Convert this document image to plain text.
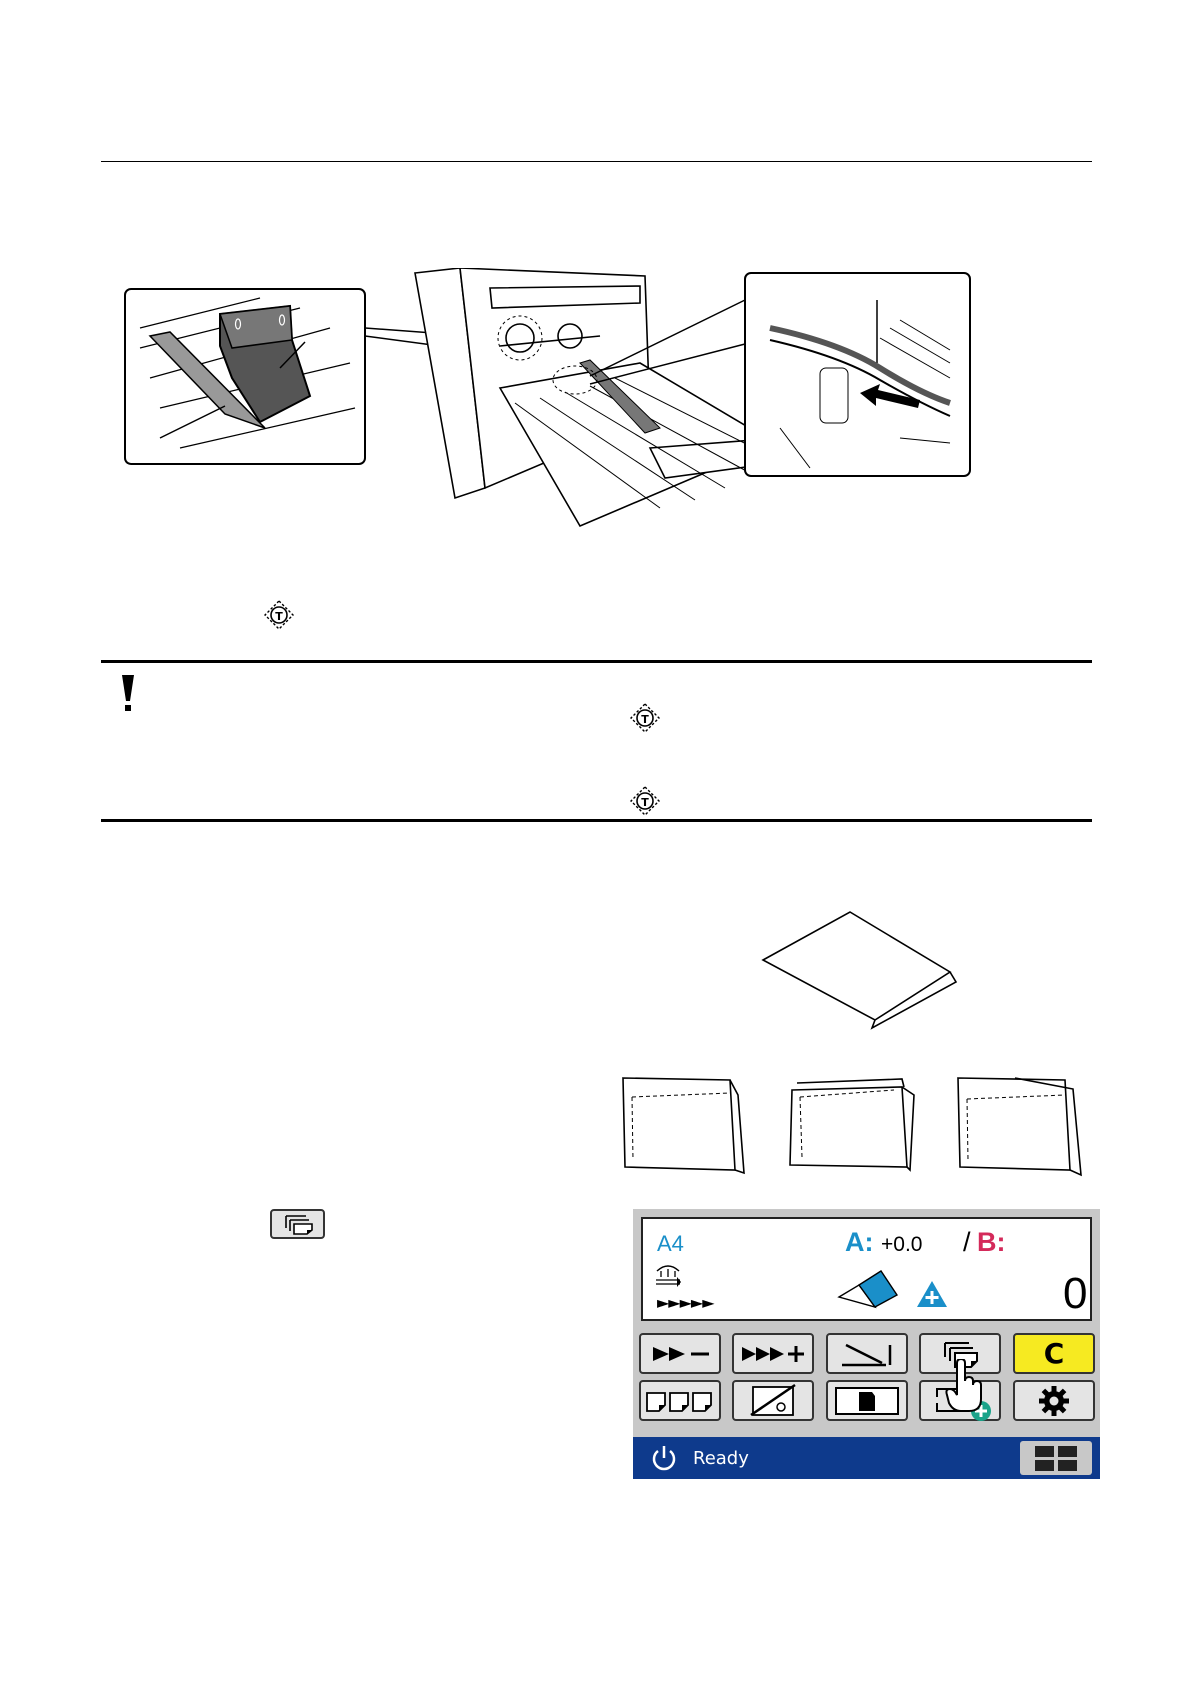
T
T
T
A4	A: +0.0 / B:
►►►►►	0
C
Ready
